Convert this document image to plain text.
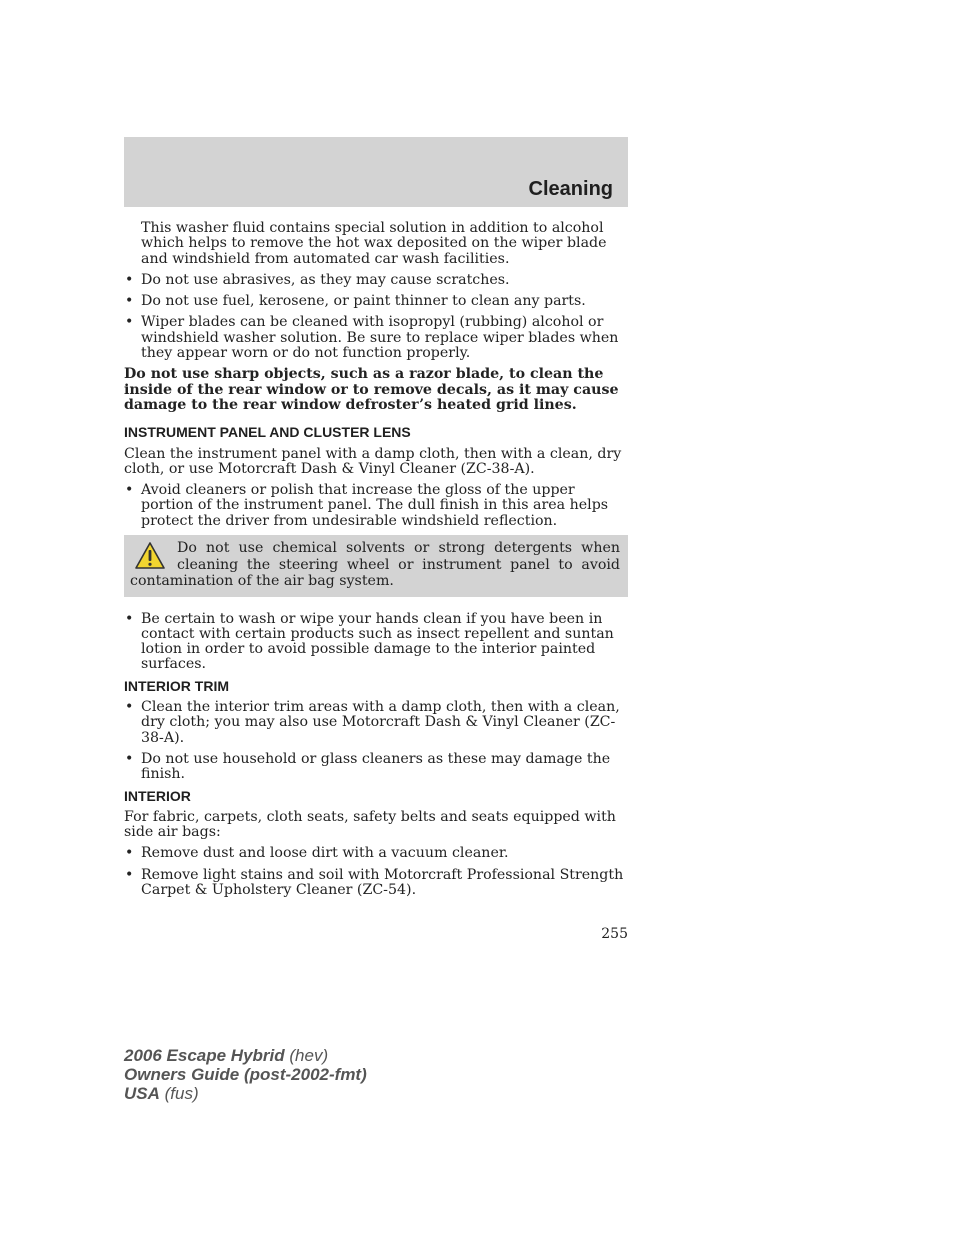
Cleaning

This washer fluid contains special solution in addition to alcohol which helps to remove the hot wax deposited on the wiper blade and windshield from automated car wash facilities.

• Do not use abrasives, as they may cause scratches.
• Do not use fuel, kerosene, or paint thinner to clean any parts.
• Wiper blades can be cleaned with isopropyl (rubbing) alcohol or windshield washer solution. Be sure to replace wiper blades when they appear worn or do not function properly.

Do not use sharp objects, such as a razor blade, to clean the inside of the rear window or to remove decals, as it may cause damage to the rear window defroster’s heated grid lines.

INSTRUMENT PANEL AND CLUSTER LENS

Clean the instrument panel with a damp cloth, then with a clean, dry cloth, or use Motorcraft Dash & Vinyl Cleaner (ZC-38-A).

• Avoid cleaners or polish that increase the gloss of the upper portion of the instrument panel. The dull finish in this area helps protect the driver from undesirable windshield reflection.
Do not use chemical solvents or strong detergents when cleaning the steering wheel or instrument panel to avoid contamination of the air bag system.
• Be certain to wash or wipe your hands clean if you have been in contact with certain products such as insect repellent and suntan lotion in order to avoid possible damage to the interior painted surfaces.
INTERIOR TRIM
• Clean the interior trim areas with a damp cloth, then with a clean, dry cloth; you may also use Motorcraft Dash & Vinyl Cleaner (ZC-38-A).
• Do not use household or glass cleaners as these may damage the finish.
INTERIOR

For fabric, carpets, cloth seats, safety belts and seats equipped with side air bags:

• Remove dust and loose dirt with a vacuum cleaner.
• Remove light stains and soil with Motorcraft Professional Strength Carpet & Upholstery Cleaner (ZC-54).
255
2006 Escape Hybrid (hev)
Owners Guide (post-2002-fmt)
USA (fus)
